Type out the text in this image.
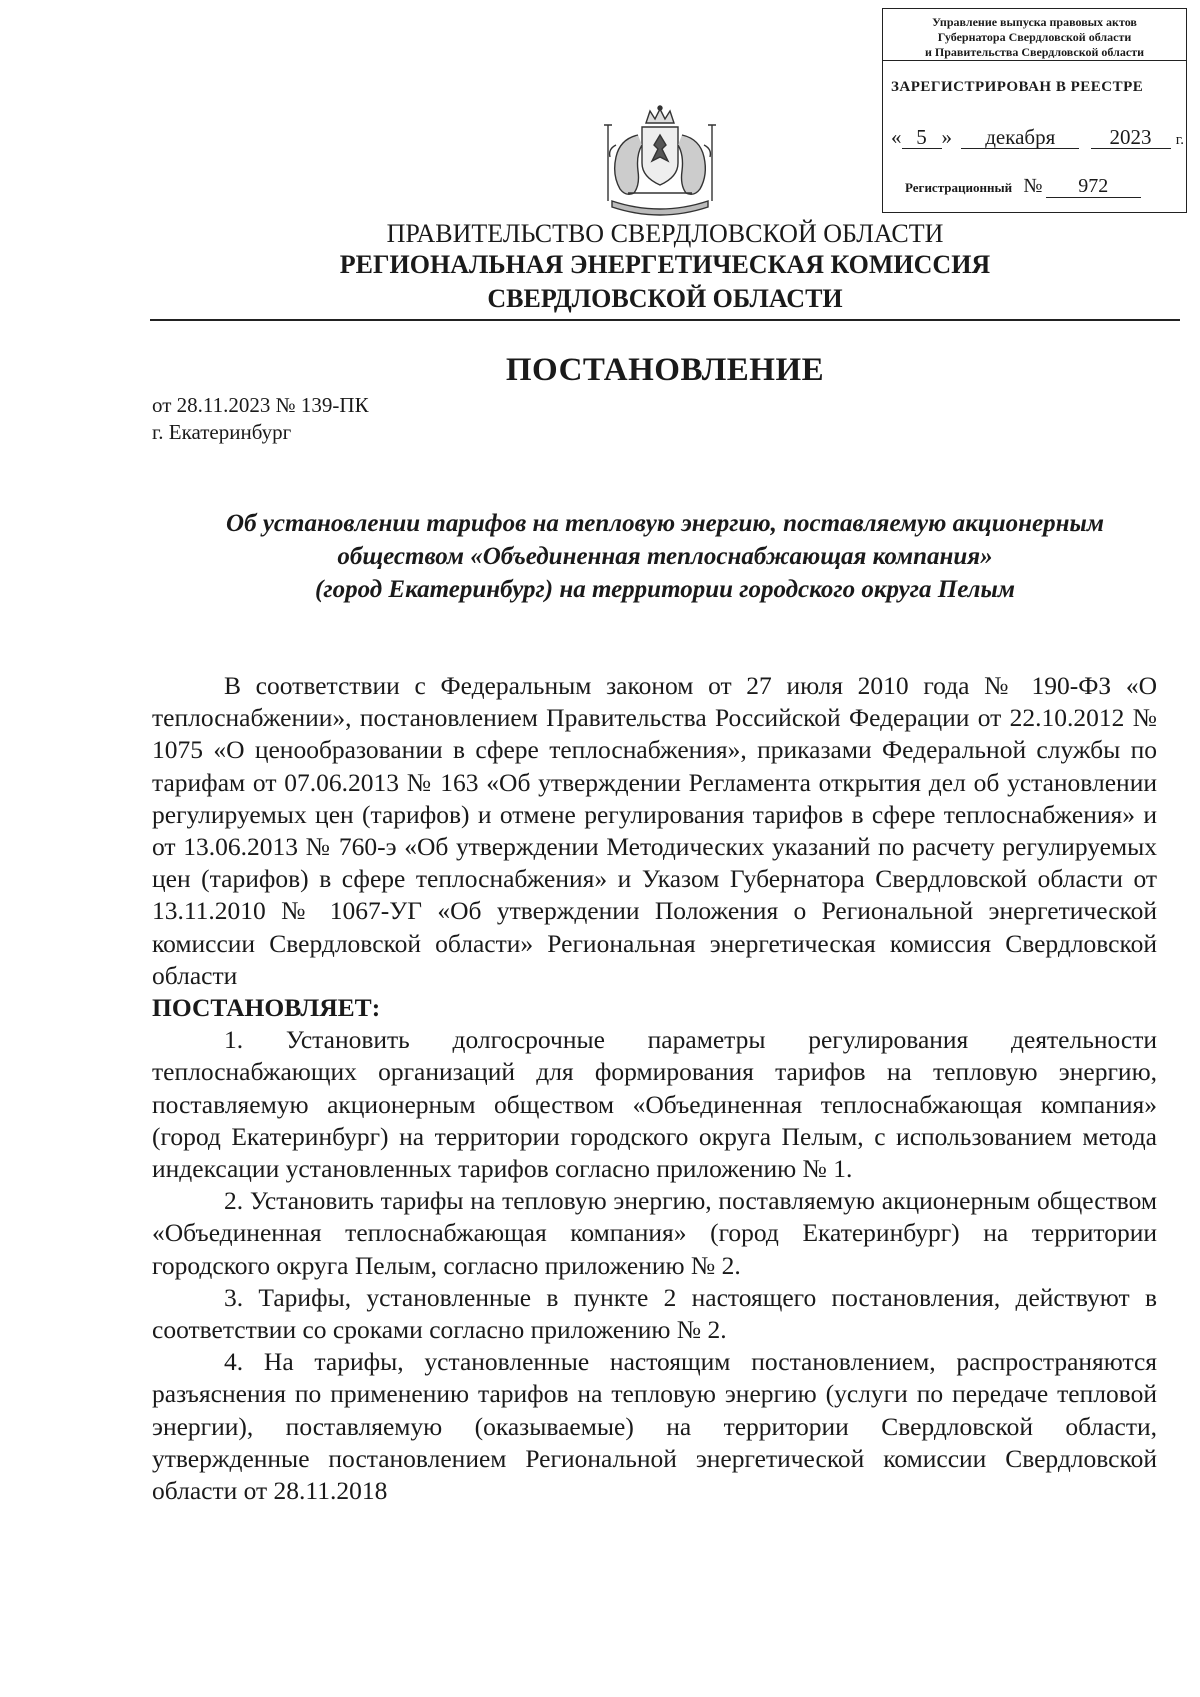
Управление выпуска правовых актов
Губернатора Свердловской области
и Правительства Свердловской области
ЗАРЕГИСТРИРОВАН В РЕЕСТРЕ
« 5 » декабря	2023 г.
Регистрационный № 972
ПРАВИТЕЛЬСТВО СВЕРДЛОВСКОЙ ОБЛАСТИ
РЕГИОНАЛЬНАЯ ЭНЕРГЕТИЧЕСКАЯ КОМИССИЯ
СВЕРДЛОВСКОЙ ОБЛАСТИ
ПОСТАНОВЛЕНИЕ
от 28.11.2023 № 139-ПК
г. Екатеринбург
Об установлении тарифов на тепловую энергию, поставляемую акционерным
обществом «Объединенная теплоснабжающая компания»
(город Екатеринбург) на территории городского округа Пелым

В соответствии с Федеральным законом от 27 июля 2010 года № 190-ФЗ «О теплоснабжении», постановлением Правительства Российской Федерации от 22.10.2012 № 1075 «О ценообразовании в сфере теплоснабжения», приказами Федеральной службы по тарифам от 07.06.2013 № 163 «Об утверждении Регламента открытия дел об установлении регулируемых цен (тарифов) и отмене регулирования тарифов в сфере теплоснабжения» и от 13.06.2013 № 760-э «Об утверждении Методических указаний по расчету регулируемых цен (тарифов) в сфере теплоснабжения» и Указом Губернатора Свердловской области от 13.11.2010 № 1067-УГ «Об утверждении Положения о Региональной энергетической комиссии Свердловской области» Региональная энергетическая комиссия Свердловской области

ПОСТАНОВЛЯЕТ:

1. Установить долгосрочные параметры регулирования деятельности теплоснабжающих организаций для формирования тарифов на тепловую энергию, поставляемую акционерным обществом «Объединенная теплоснабжающая компания» (город Екатеринбург) на территории городского округа Пелым, с использованием метода индексации установленных тарифов согласно приложению № 1.

2. Установить тарифы на тепловую энергию, поставляемую акционерным обществом «Объединенная теплоснабжающая компания» (город Екатеринбург) на территории городского округа Пелым, согласно приложению № 2.

3. Тарифы, установленные в пункте 2 настоящего постановления, действуют в соответствии со сроками согласно приложению № 2.

4. На тарифы, установленные настоящим постановлением, распространяются разъяснения по применению тарифов на тепловую энергию (услуги по передаче тепловой энергии), поставляемую (оказываемые) на территории Свердловской области, утвержденные постановлением Региональной энергетической комиссии Свердловской области от 28.11.2018
